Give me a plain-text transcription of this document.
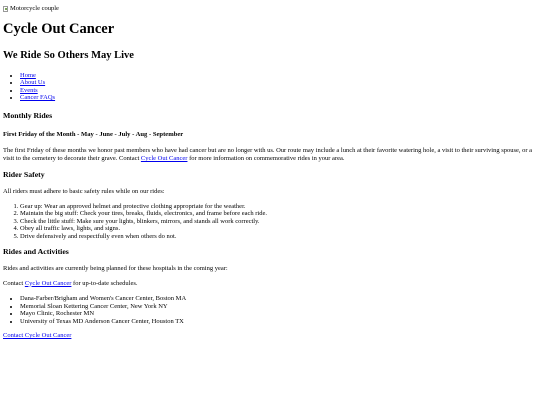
Motorcycle couple
Cycle Out Cancer
We Ride So Others May Live
• Home
• About Us
• Events
• Cancer FAQs
Monthly Rides
First Friday of the Month - May - June - July - Aug - September

The first Friday of these months we honor past members who have had cancer but are no longer with us. Our route may include a lunch at their favorite watering hole, a visit to their surviving spouse, or a visit to the cemetery to decorate their grave. Contact Cycle Out Cancer for more information on commemorative rides in your area.

Rider Safety

All riders must adhere to basic safety rules while on our rides:

1. Gear up: Wear an approved helmet and protective clothing appropriate for the weather.
2. Maintain the big stuff: Check your tires, breaks, fluids, electronics, and frame before each ride.
3. Check the little stuff: Make sure your lights, blinkers, mirrors, and stands all work correctly.
4. Obey all traffic laws, lights, and signs.
5. Drive defensively and respectfully even when others do not.
Rides and Activities

Rides and activities are currently being planned for these hospitals in the coming year:

Contact Cycle Out Cancer for up-to-date schedules.

• Dana-Farber/Brigham and Women's Cancer Center, Boston MA
• Memorial Sloan Kettering Cancer Center, New York NY
• Mayo Clinic, Rochester MN
• University of Texas MD Anderson Cancer Center, Houston TX
Contact Cycle Out Cancer
